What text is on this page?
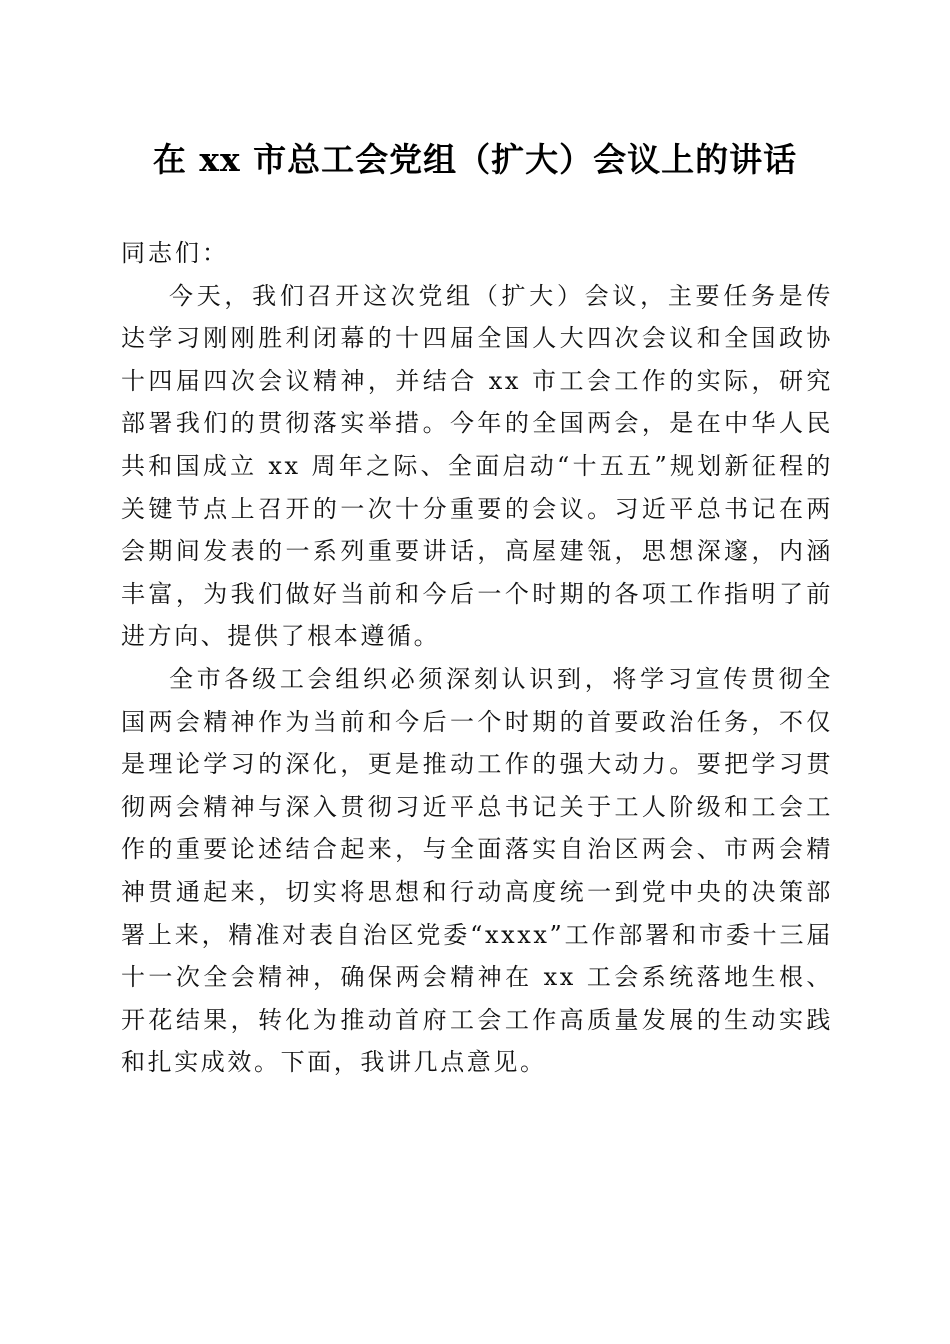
在 xx 市总工会党组（扩大）会议上的讲话

同志们：

今天，我们召开这次党组（扩大）会议，主要任务是传达学习刚刚胜利闭幕的十四届全国人大四次会议和全国政协十四届四次会议精神，并结合 xx 市工会工作的实际，研究部署我们的贯彻落实举措。今年的全国两会，是在中华人民共和国成立 xx 周年之际、全面启动“十五五”规划新征程的关键节点上召开的一次十分重要的会议。习近平总书记在两会期间发表的一系列重要讲话，高屋建瓴，思想深邃，内涵丰富，为我们做好当前和今后一个时期的各项工作指明了前进方向、提供了根本遵循。

全市各级工会组织必须深刻认识到，将学习宣传贯彻全国两会精神作为当前和今后一个时期的首要政治任务，不仅是理论学习的深化，更是推动工作的强大动力。要把学习贯彻两会精神与深入贯彻习近平总书记关于工人阶级和工会工作的重要论述结合起来，与全面落实自治区两会、市两会精神贯通起来，切实将思想和行动高度统一到党中央的决策部署上来，精准对表自治区党委“xxxx”工作部署和市委十三届十一次全会精神，确保两会精神在 xx 工会系统落地生根、开花结果，转化为推动首府工会工作高质量发展的生动实践和扎实成效。下面，我讲几点意见。
